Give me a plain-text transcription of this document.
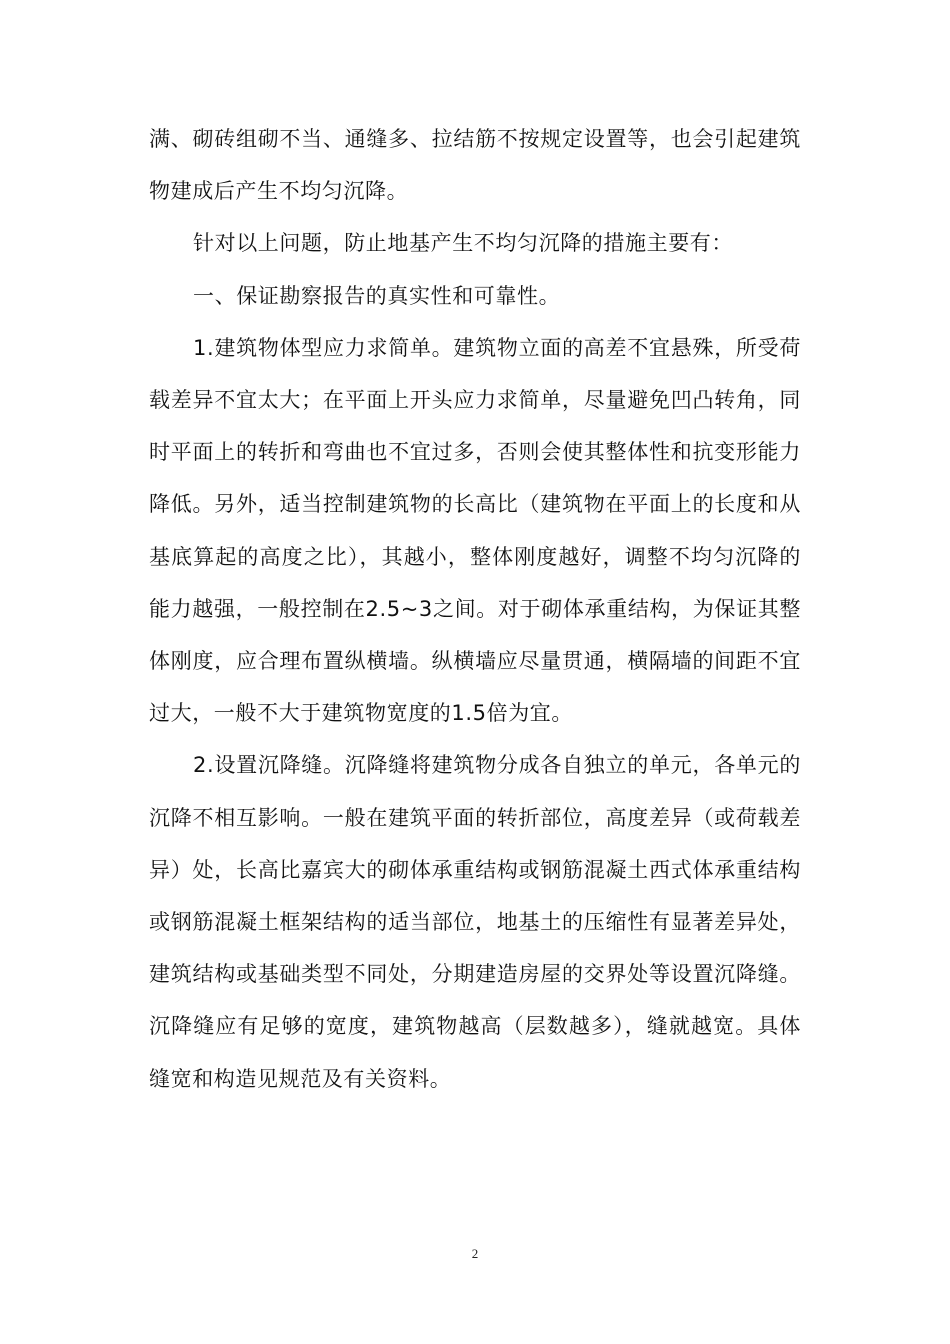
满、砌砖组砌不当、通缝多、拉结筋不按规定设置等，也会引起建筑物建成后产生不均匀沉降。

针对以上问题，防止地基产生不均匀沉降的措施主要有：

一、保证勘察报告的真实性和可靠性。

1.建筑物体型应力求简单。建筑物立面的高差不宜悬殊，所受荷载差异不宜太大；在平面上开头应力求简单，尽量避免凹凸转角，同时平面上的转折和弯曲也不宜过多，否则会使其整体性和抗变形能力降低。另外，适当控制建筑物的长高比（建筑物在平面上的长度和从基底算起的高度之比），其越小，整体刚度越好，调整不均匀沉降的能力越强，一般控制在2.5~3之间。对于砌体承重结构，为保证其整体刚度，应合理布置纵横墙。纵横墙应尽量贯通，横隔墙的间距不宜过大，一般不大于建筑物宽度的1.5倍为宜。

2.设置沉降缝。沉降缝将建筑物分成各自独立的单元，各单元的沉降不相互影响。一般在建筑平面的转折部位，高度差异（或荷载差异）处，长高比嘉宾大的砌体承重结构或钢筋混凝土西式体承重结构或钢筋混凝土框架结构的适当部位，地基土的压缩性有显著差异处，建筑结构或基础类型不同处，分期建造房屋的交界处等设置沉降缝。沉降缝应有足够的宽度，建筑物越高（层数越多），缝就越宽。具体缝宽和构造见规范及有关资料。

2
